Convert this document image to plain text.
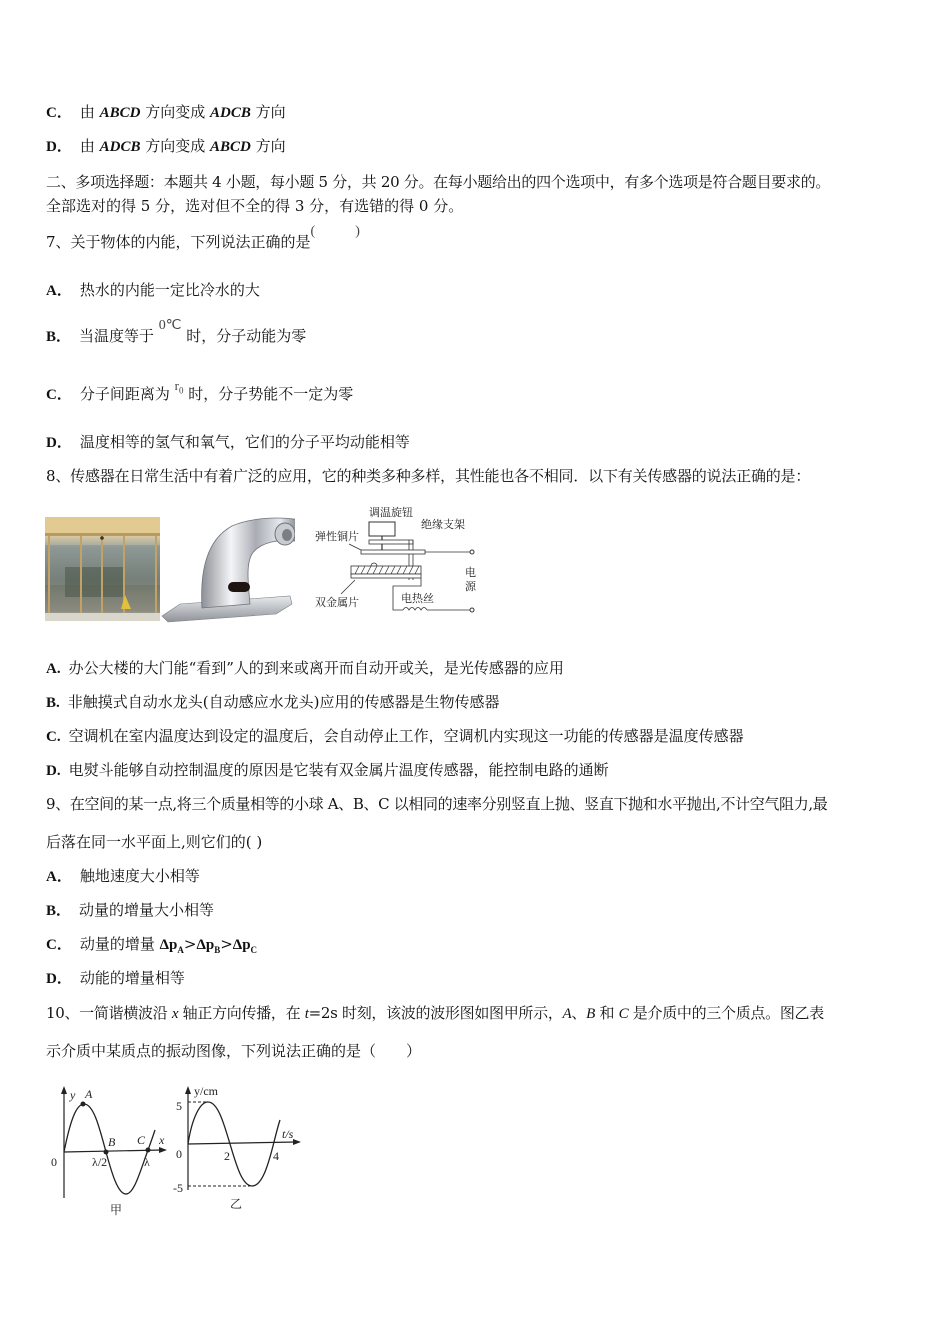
C． 由 ABCD 方向变成 ADCB 方向
D． 由 ADCB 方向变成 ABCD 方向
二、多项选择题：本题共 4 小题，每小题 5 分，共 20 分。在每小题给出的四个选项中，有多个选项是符合题目要求的。
全部选对的得 5 分，选对但不全的得 3 分，有选错的得 0 分。
7、关于物体的内能，下列说法正确的是(	)
A． 热水的内能一定比冷水的大
B． 当温度等于 0℃ 时，分子动能为零
C． 分子间距离为 $r_0$ 时，分子势能不一定为零
D． 温度相等的氢气和氧气，它们的分子平均动能相等
8、传感器在日常生活中有着广泛的应用，它的种类多种多样，其性能也各不相同．以下有关传感器的说法正确的是：
调温旋钮
绝缘支架
弹性铜片
电
源
双金属片	电热丝
A. 办公大楼的大门能“看到”人的到来或离开而自动开或关，是光传感器的应用
B. 非触摸式自动水龙头(自动感应水龙头)应用的传感器是生物传感器
C. 空调机在室内温度达到设定的温度后，会自动停止工作，空调机内实现这一功能的传感器是温度传感器
D. 电熨斗能够自动控制温度的原因是它装有双金属片温度传感器，能控制电路的通断
9、在空间的某一点,将三个质量相等的小球 A、B、C 以相同的速率分别竖直上抛、竖直下抛和水平抛出,不计空气阻力,最
后落在同一水平面上,则它们的( )
A． 触地速度大小相等
B． 动量的增量大小相等
C． 动量的增量 $\Delta p_A>\Delta p_B>\Delta p_C$
D． 动能的增量相等
10、一简谐横波沿 x 轴正方向传播，在 t=2s 时刻，该波的波形图如图甲所示，A、B 和 C 是介质中的三个质点。图乙表
示介质中某质点的振动图像，下列说法正确的是（　　）
y A
B C x
0	λ/2	λ
甲
y/cm
5
0
-5
2	4
t/s
乙
